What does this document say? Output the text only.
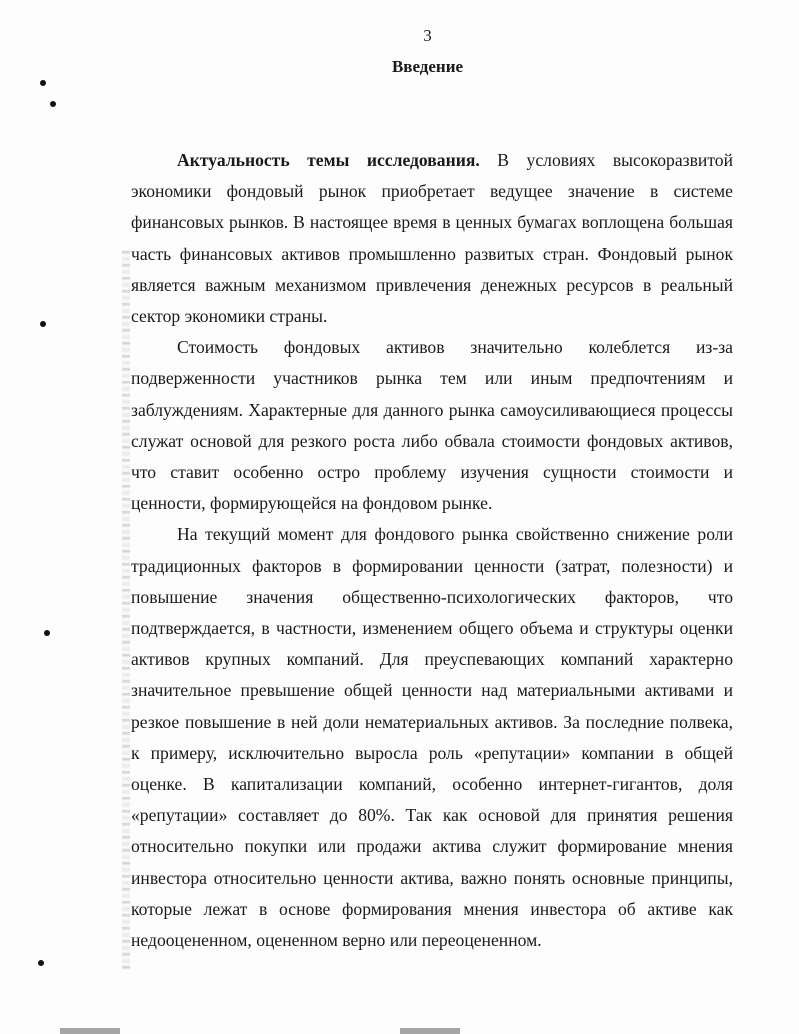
3
Введение

Актуальность темы исследования. В условиях высокоразвитой экономики фондовый рынок приобретает ведущее значение в системе финансовых рынков. В настоящее время в ценных бумагах воплощена большая часть финансовых активов промышленно развитых стран. Фондовый рынок является важным механизмом привлечения денежных ресурсов в реальный сектор экономики страны.

Стоимость фондовых активов значительно колеблется из-за подверженности участников рынка тем или иным предпочтениям и заблуждениям. Характерные для данного рынка самоусиливающиеся процессы служат основой для резкого роста либо обвала стоимости фондовых активов, что ставит особенно остро проблему изучения сущности стоимости и ценности, формирующейся на фондовом рынке.

На текущий момент для фондового рынка свойственно снижение роли традиционных факторов в формировании ценности (затрат, полезности) и повышение значения общественно-психологических факторов, что подтверждается, в частности, изменением общего объема и структуры оценки активов крупных компаний. Для преуспевающих компаний характерно значительное превышение общей ценности над материальными активами и резкое повышение в ней доли нематериальных активов. За последние полвека, к примеру, исключительно выросла роль «репутации» компании в общей оценке. В капитализации компаний, особенно интернет-гигантов, доля «репутации» составляет до 80%. Так как основой для принятия решения относительно покупки или продажи актива служит формирование мнения инвестора относительно ценности актива, важно понять основные принципы, которые лежат в основе формирования мнения инвестора об активе как недооцененном, оцененном верно или переоцененном.
